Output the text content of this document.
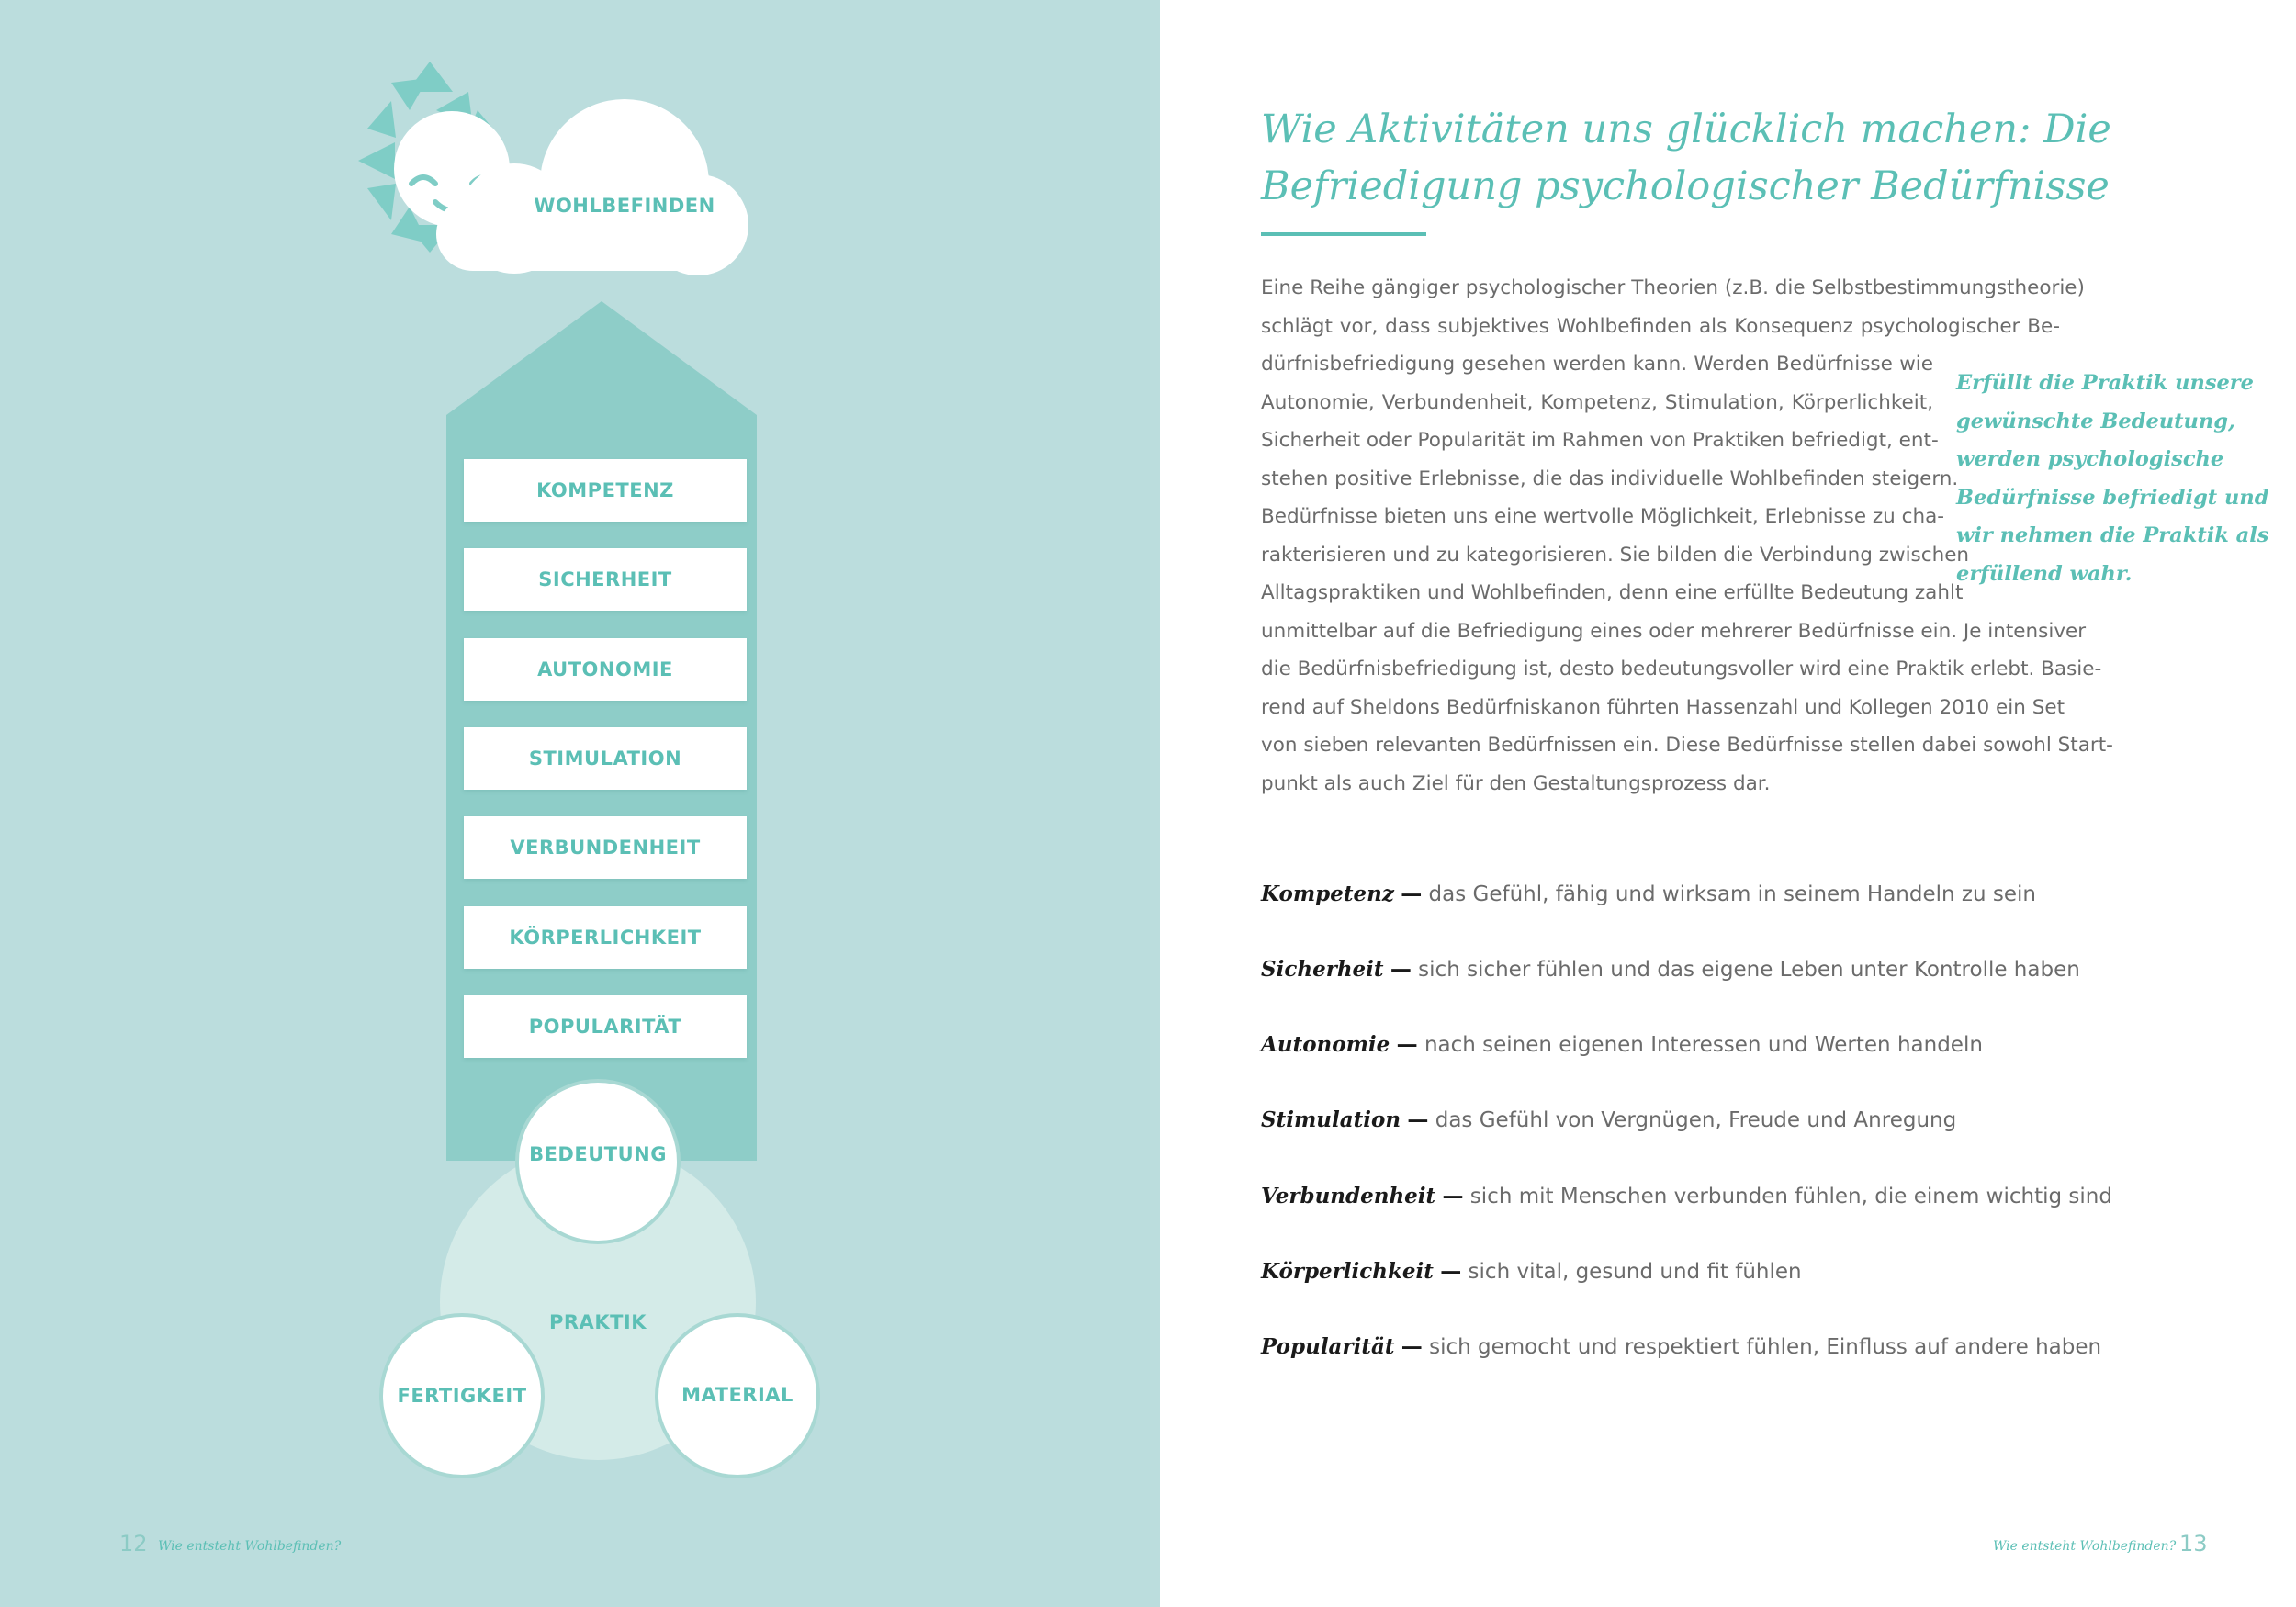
WOHLBEFINDEN
KOMPETENZ
SICHERHEIT
AUTONOMIE
STIMULATION
VERBUNDENHEIT
KÖRPERLICHKEIT
POPULARITÄT
BEDEUTUNG
PRAKTIK
FERTIGKEIT	MATERIAL
12 Wie entsteht Wohlbefinden?
Wie Aktivitäten uns glücklich machen: Die
Befriedigung psychologischer Bedürfnisse
Eine Reihe gängiger psychologischer Theorien (z.B. die Selbstbestimmungstheorie)
schlägt vor, dass subjektives Wohlbefinden als Konsequenz psychologischer Be-
dürfnisbefriedigung gesehen werden kann. Werden Bedürfnisse wie
Autonomie, Verbundenheit, Kompetenz, Stimulation, Körperlichkeit,
Sicherheit oder Popularität im Rahmen von Praktiken befriedigt, ent-
stehen positive Erlebnisse, die das individuelle Wohlbefinden steigern.
Bedürfnisse bieten uns eine wertvolle Möglichkeit, Erlebnisse zu cha-
rakterisieren und zu kategorisieren. Sie bilden die Verbindung zwischen
Alltagspraktiken und Wohlbefinden, denn eine erfüllte Bedeutung zahlt
unmittelbar auf die Befriedigung eines oder mehrerer Bedürfnisse ein. Je intensiver
die Bedürfnisbefriedigung ist, desto bedeutungsvoller wird eine Praktik erlebt. Basie-
rend auf Sheldons Bedürfniskanon führten Hassenzahl und Kollegen 2010 ein Set
von sieben relevanten Bedürfnissen ein. Diese Bedürfnisse stellen dabei sowohl Start-
punkt als auch Ziel für den Gestaltungsprozess dar.
Erfüllt die Praktik unsere
gewünschte Bedeutung,
werden psychologische
Bedürfnisse befriedigt und
wir nehmen die Praktik als
erfüllend wahr.
Kompetenz — das Gefühl, fähig und wirksam in seinem Handeln zu sein
Sicherheit — sich sicher fühlen und das eigene Leben unter Kontrolle haben
Autonomie — nach seinen eigenen Interessen und Werten handeln
Stimulation — das Gefühl von Vergnügen, Freude und Anregung
Verbundenheit — sich mit Menschen verbunden fühlen, die einem wichtig sind
Körperlichkeit — sich vital, gesund und fit fühlen
Popularität — sich gemocht und respektiert fühlen, Einfluss auf andere haben
Wie entsteht Wohlbefinden? 13
